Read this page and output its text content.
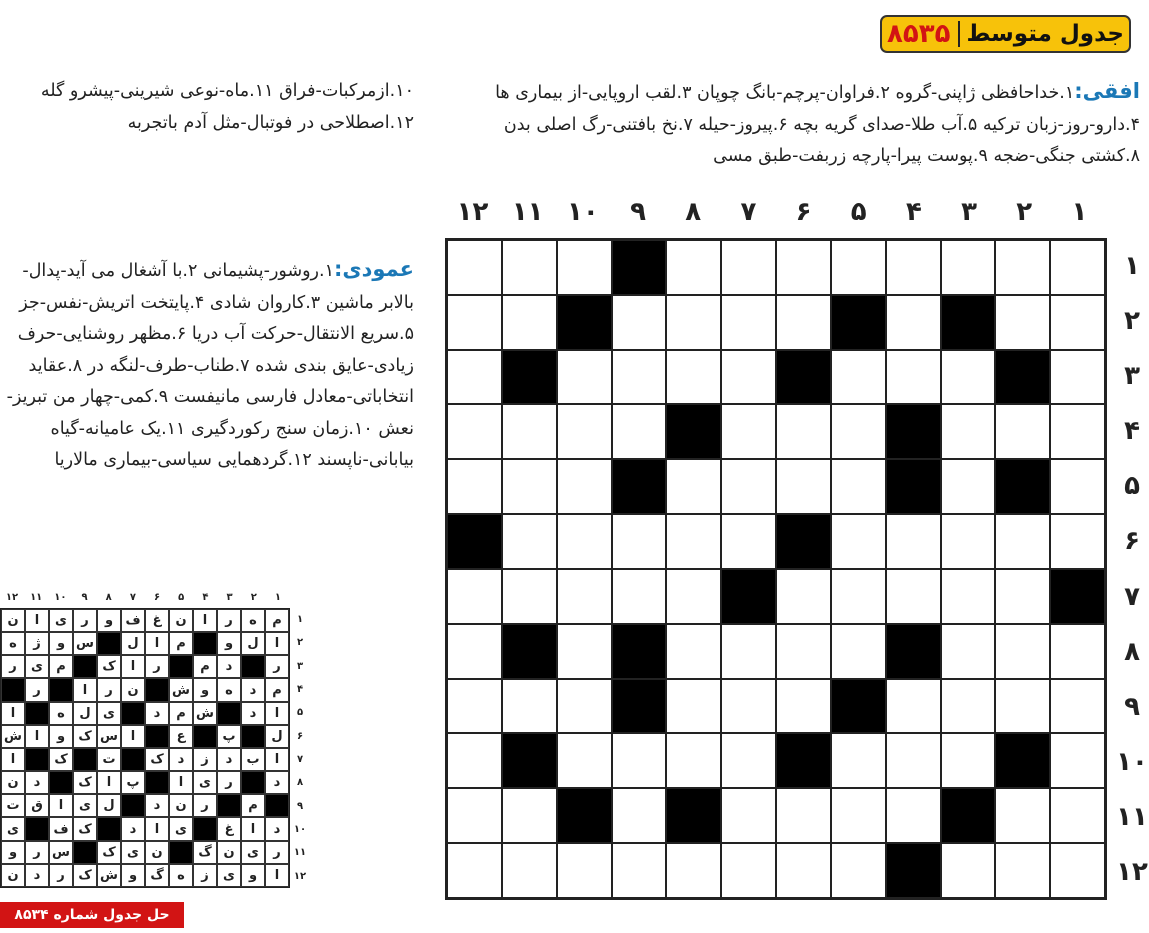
جدول متوسط
۸۵۳۵
افقی:۱.خداحافظی ژاپنی-گروه ۲.فراوان-پرچم-بانگ چوپان ۳.لقب اروپایی-از بیماری ها ۴.دارو-روز-زبان ترکیه ۵.آب طلا-صدای گریه بچه ۶.پیروز-حیله ۷.نخ بافتنی-رگ اصلی بدن ۸.کشتی جنگی-ضجه ۹.پوست پیرا-پارچه زربفت-طبق مسی
۱۰.ازمرکبات-فراق ۱۱.ماه-نوعی شیرینی-پیشرو گله ۱۲.اصطلاحی در فوتبال-مثل آدم باتجربه
عمودی:۱.روشور-پشیمانی ۲.با آشغال می آید-پدال-بالابر ماشین ۳.کاروان شادی ۴.پایتخت اتریش-نفس-جز ۵.سریع الانتقال-حرکت آب دریا ۶.مظهر روشنایی-حرف زیادی-عایق بندی شده ۷.طناب-طرف-لنگه در ۸.عقاید انتخاباتی-معادل فارسی مانیفست ۹.کمی-چهار من تبریز-نعش ۱۰.زمان سنج رکوردگیری ۱۱.یک عامیانه-گیاه بیابانی-ناپسند ۱۲.گردهمایی سیاسی-بیماری مالاریا
۱
۲
۳
۴
۵
۶
۷
۸
۹
۱۰
۱۱
۱۲
۱
۲
۳
۴
۵
۶
۷
۸
۹
۱۰
۱۱
۱۲
۱
۲
۳
۴
۵
۶
۷
۸
۹
۱۰
۱۱
۱۲
م
ه
ر
ا
ن
غ
ف
و
ر
ی
ا
ن
ا
ل
و
م
ا
ل
س
و
ژ
ه
ر
د
م
ر
ا
ک
م
ی
ر
م
د
ه
و
ش
ن
ر
ا
ر
ا
د
ش
م
د
ی
ل
ه
ا
ل
پ
ع
ا
س
ک
و
ا
ش
ا
ب
د
ز
د
ک
ت
ک
ا
د
ر
ی
ا
پ
ا
ک
د
ن
م
ر
ن
د
ل
ی
ا
ق
ت
د
ا
غ
ی
ا
د
ک
ف
ی
ر
ی
ن
گ
ن
ی
ک
س
ر
و
ا
و
ی
ز
ه
گ
و
ش
ک
ر
د
ن
۱
۲
۳
۴
۵
۶
۷
۸
۹
۱۰
۱۱
۱۲
حل جدول شماره ۸۵۳۴
